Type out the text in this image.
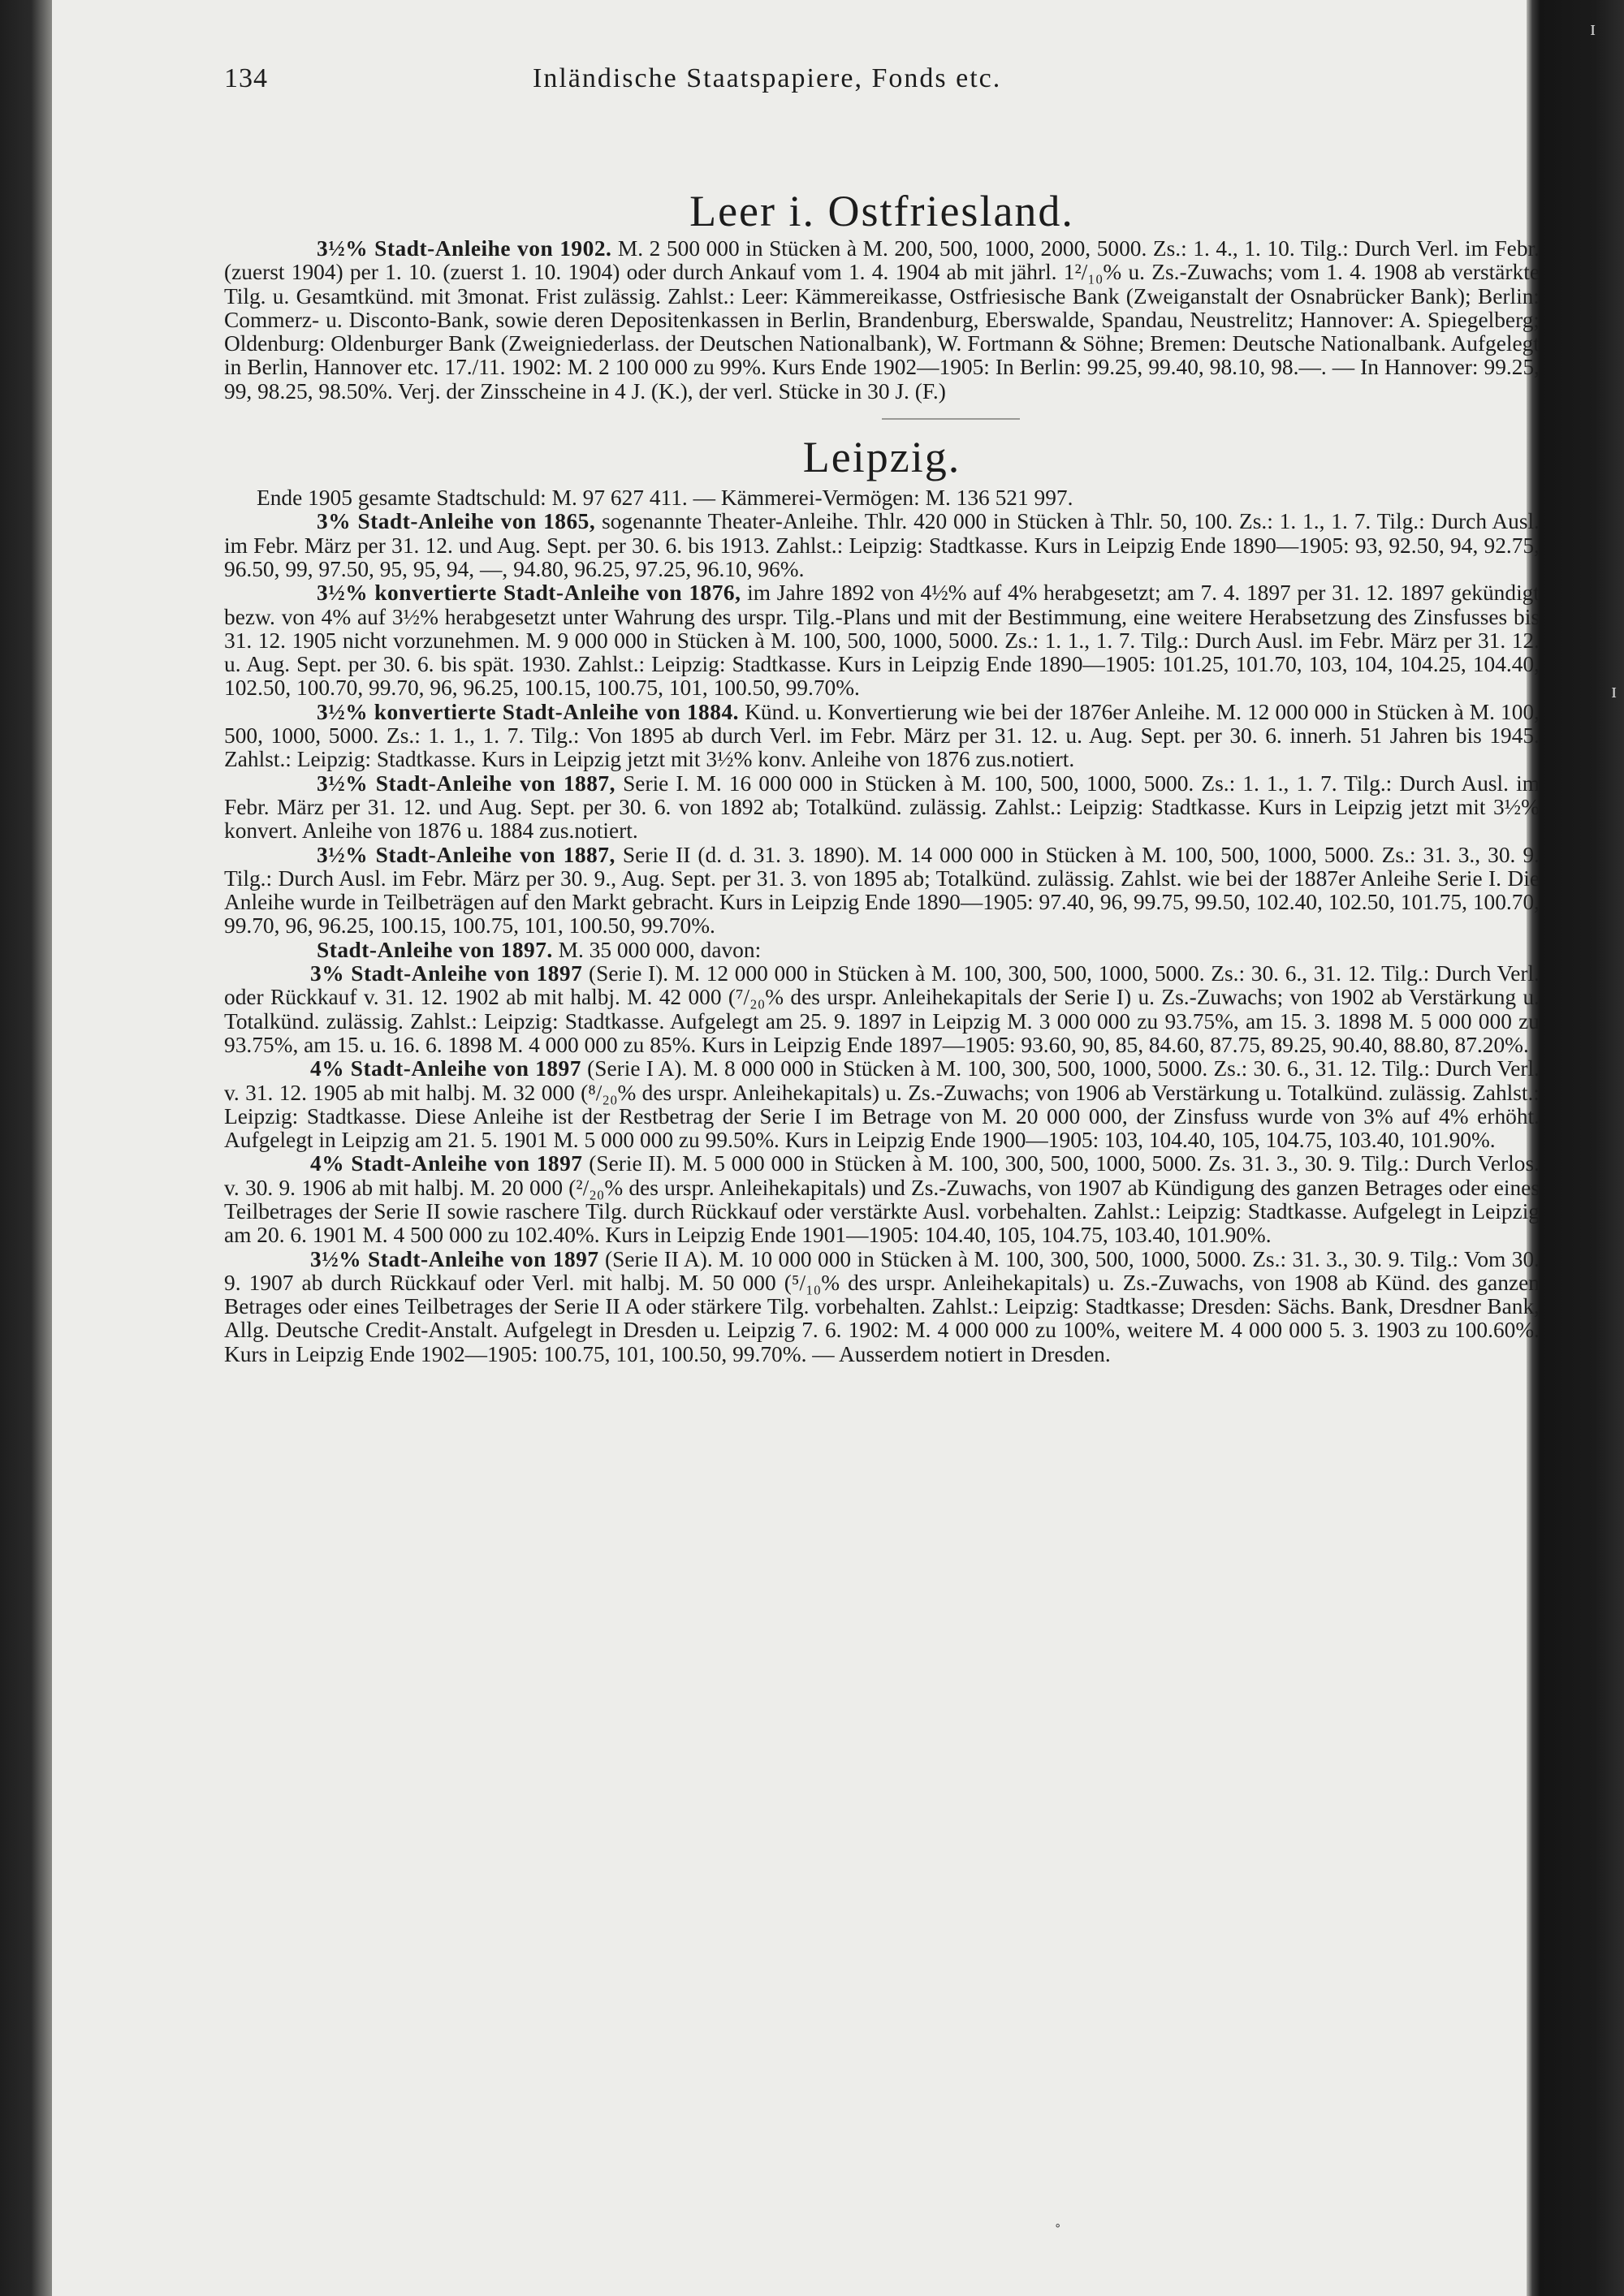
ɪ
ɪ
134	Inländische Staatspapiere, Fonds etc.
Leer i. Ostfriesland.

3½% Stadt-Anleihe von 1902. M. 2 500 000 in Stücken à M. 200, 500, 1000, 2000, 5000. Zs.: 1. 4., 1. 10. Tilg.: Durch Verl. im Febr. (zuerst 1904) per 1. 10. (zuerst 1. 10. 1904) oder durch Ankauf vom 1. 4. 1904 ab mit jährl. 1²/₁₀% u. Zs.-Zuwachs; vom 1. 4. 1908 ab verstärkte Tilg. u. Gesamtkünd. mit 3monat. Frist zulässig. Zahlst.: Leer: Kämmereikasse, Ostfriesische Bank (Zweiganstalt der Osnabrücker Bank); Berlin: Commerz- u. Disconto-Bank, sowie deren Depositenkassen in Berlin, Brandenburg, Eberswalde, Spandau, Neustrelitz; Hannover: A. Spiegelberg; Oldenburg: Oldenburger Bank (Zweigniederlass. der Deutschen Nationalbank), W. Fortmann & Söhne; Bremen: Deutsche Nationalbank. Aufgelegt in Berlin, Hannover etc. 17./11. 1902: M. 2 100 000 zu 99%. Kurs Ende 1902—1905: In Berlin: 99.25, 99.40, 98.10, 98.—. — In Hannover: 99.25, 99, 98.25, 98.50%. Verj. der Zinsscheine in 4 J. (K.), der verl. Stücke in 30 J. (F.)

Leipzig.

Ende 1905 gesamte Stadtschuld: M. 97 627 411. — Kämmerei-Vermögen: M. 136 521 997.

3% Stadt-Anleihe von 1865, sogenannte Theater-Anleihe. Thlr. 420 000 in Stücken à Thlr. 50, 100. Zs.: 1. 1., 1. 7. Tilg.: Durch Ausl. im Febr. März per 31. 12. und Aug. Sept. per 30. 6. bis 1913. Zahlst.: Leipzig: Stadtkasse. Kurs in Leipzig Ende 1890—1905: 93, 92.50, 94, 92.75, 96.50, 99, 97.50, 95, 95, 94, —, 94.80, 96.25, 97.25, 96.10, 96%.

3½% konvertierte Stadt-Anleihe von 1876, im Jahre 1892 von 4½% auf 4% herabgesetzt; am 7. 4. 1897 per 31. 12. 1897 gekündigt bezw. von 4% auf 3½% herabgesetzt unter Wahrung des urspr. Tilg.-Plans und mit der Bestimmung, eine weitere Herabsetzung des Zinsfusses bis 31. 12. 1905 nicht vorzunehmen. M. 9 000 000 in Stücken à M. 100, 500, 1000, 5000. Zs.: 1. 1., 1. 7. Tilg.: Durch Ausl. im Febr. März per 31. 12. u. Aug. Sept. per 30. 6. bis spät. 1930. Zahlst.: Leipzig: Stadtkasse. Kurs in Leipzig Ende 1890—1905: 101.25, 101.70, 103, 104, 104.25, 104.40, 102.50, 100.70, 99.70, 96, 96.25, 100.15, 100.75, 101, 100.50, 99.70%.

3½% konvertierte Stadt-Anleihe von 1884. Künd. u. Konvertierung wie bei der 1876er Anleihe. M. 12 000 000 in Stücken à M. 100, 500, 1000, 5000. Zs.: 1. 1., 1. 7. Tilg.: Von 1895 ab durch Verl. im Febr. März per 31. 12. u. Aug. Sept. per 30. 6. innerh. 51 Jahren bis 1945. Zahlst.: Leipzig: Stadtkasse. Kurs in Leipzig jetzt mit 3½% konv. Anleihe von 1876 zus.notiert.

3½% Stadt-Anleihe von 1887, Serie I. M. 16 000 000 in Stücken à M. 100, 500, 1000, 5000. Zs.: 1. 1., 1. 7. Tilg.: Durch Ausl. im Febr. März per 31. 12. und Aug. Sept. per 30. 6. von 1892 ab; Totalkünd. zulässig. Zahlst.: Leipzig: Stadtkasse. Kurs in Leipzig jetzt mit 3½% konvert. Anleihe von 1876 u. 1884 zus.notiert.

3½% Stadt-Anleihe von 1887, Serie II (d. d. 31. 3. 1890). M. 14 000 000 in Stücken à M. 100, 500, 1000, 5000. Zs.: 31. 3., 30. 9. Tilg.: Durch Ausl. im Febr. März per 30. 9., Aug. Sept. per 31. 3. von 1895 ab; Totalkünd. zulässig. Zahlst. wie bei der 1887er Anleihe Serie I. Die Anleihe wurde in Teilbeträgen auf den Markt gebracht. Kurs in Leipzig Ende 1890—1905: 97.40, 96, 99.75, 99.50, 102.40, 102.50, 101.75, 100.70, 99.70, 96, 96.25, 100.15, 100.75, 101, 100.50, 99.70%.

Stadt-Anleihe von 1897. M. 35 000 000, davon:

3% Stadt-Anleihe von 1897 (Serie I). M. 12 000 000 in Stücken à M. 100, 300, 500, 1000, 5000. Zs.: 30. 6., 31. 12. Tilg.: Durch Verl. oder Rückkauf v. 31. 12. 1902 ab mit halbj. M. 42 000 (⁷/₂₀% des urspr. Anleihekapitals der Serie I) u. Zs.-Zuwachs; von 1902 ab Verstärkung u. Totalkünd. zulässig. Zahlst.: Leipzig: Stadtkasse. Aufgelegt am 25. 9. 1897 in Leipzig M. 3 000 000 zu 93.75%, am 15. 3. 1898 M. 5 000 000 zu 93.75%, am 15. u. 16. 6. 1898 M. 4 000 000 zu 85%. Kurs in Leipzig Ende 1897—1905: 93.60, 90, 85, 84.60, 87.75, 89.25, 90.40, 88.80, 87.20%.

4% Stadt-Anleihe von 1897 (Serie I A). M. 8 000 000 in Stücken à M. 100, 300, 500, 1000, 5000. Zs.: 30. 6., 31. 12. Tilg.: Durch Verl. v. 31. 12. 1905 ab mit halbj. M. 32 000 (⁸/₂₀% des urspr. Anleihekapitals) u. Zs.-Zuwachs; von 1906 ab Verstärkung u. Totalkünd. zulässig. Zahlst.: Leipzig: Stadtkasse. Diese Anleihe ist der Restbetrag der Serie I im Betrage von M. 20 000 000, der Zinsfuss wurde von 3% auf 4% erhöht. Aufgelegt in Leipzig am 21. 5. 1901 M. 5 000 000 zu 99.50%. Kurs in Leipzig Ende 1900—1905: 103, 104.40, 105, 104.75, 103.40, 101.90%.

4% Stadt-Anleihe von 1897 (Serie II). M. 5 000 000 in Stücken à M. 100, 300, 500, 1000, 5000. Zs. 31. 3., 30. 9. Tilg.: Durch Verlos. v. 30. 9. 1906 ab mit halbj. M. 20 000 (²/₂₀% des urspr. Anleihekapitals) und Zs.-Zuwachs, von 1907 ab Kündigung des ganzen Betrages oder eines Teilbetrages der Serie II sowie raschere Tilg. durch Rückkauf oder verstärkte Ausl. vorbehalten. Zahlst.: Leipzig: Stadtkasse. Aufgelegt in Leipzig am 20. 6. 1901 M. 4 500 000 zu 102.40%. Kurs in Leipzig Ende 1901—1905: 104.40, 105, 104.75, 103.40, 101.90%.

3½% Stadt-Anleihe von 1897 (Serie II A). M. 10 000 000 in Stücken à M. 100, 300, 500, 1000, 5000. Zs.: 31. 3., 30. 9. Tilg.: Vom 30. 9. 1907 ab durch Rückkauf oder Verl. mit halbj. M. 50 000 (⁵/₁₀% des urspr. Anleihekapitals) u. Zs.-Zuwachs, von 1908 ab Künd. des ganzen Betrages oder eines Teilbetrages der Serie II A oder stärkere Tilg. vorbehalten. Zahlst.: Leipzig: Stadtkasse; Dresden: Sächs. Bank, Dresdner Bank, Allg. Deutsche Credit-Anstalt. Aufgelegt in Dresden u. Leipzig 7. 6. 1902: M. 4 000 000 zu 100%, weitere M. 4 000 000 5. 3. 1903 zu 100.60%. Kurs in Leipzig Ende 1902—1905: 100.75, 101, 100.50, 99.70%. — Ausserdem notiert in Dresden.

˚
